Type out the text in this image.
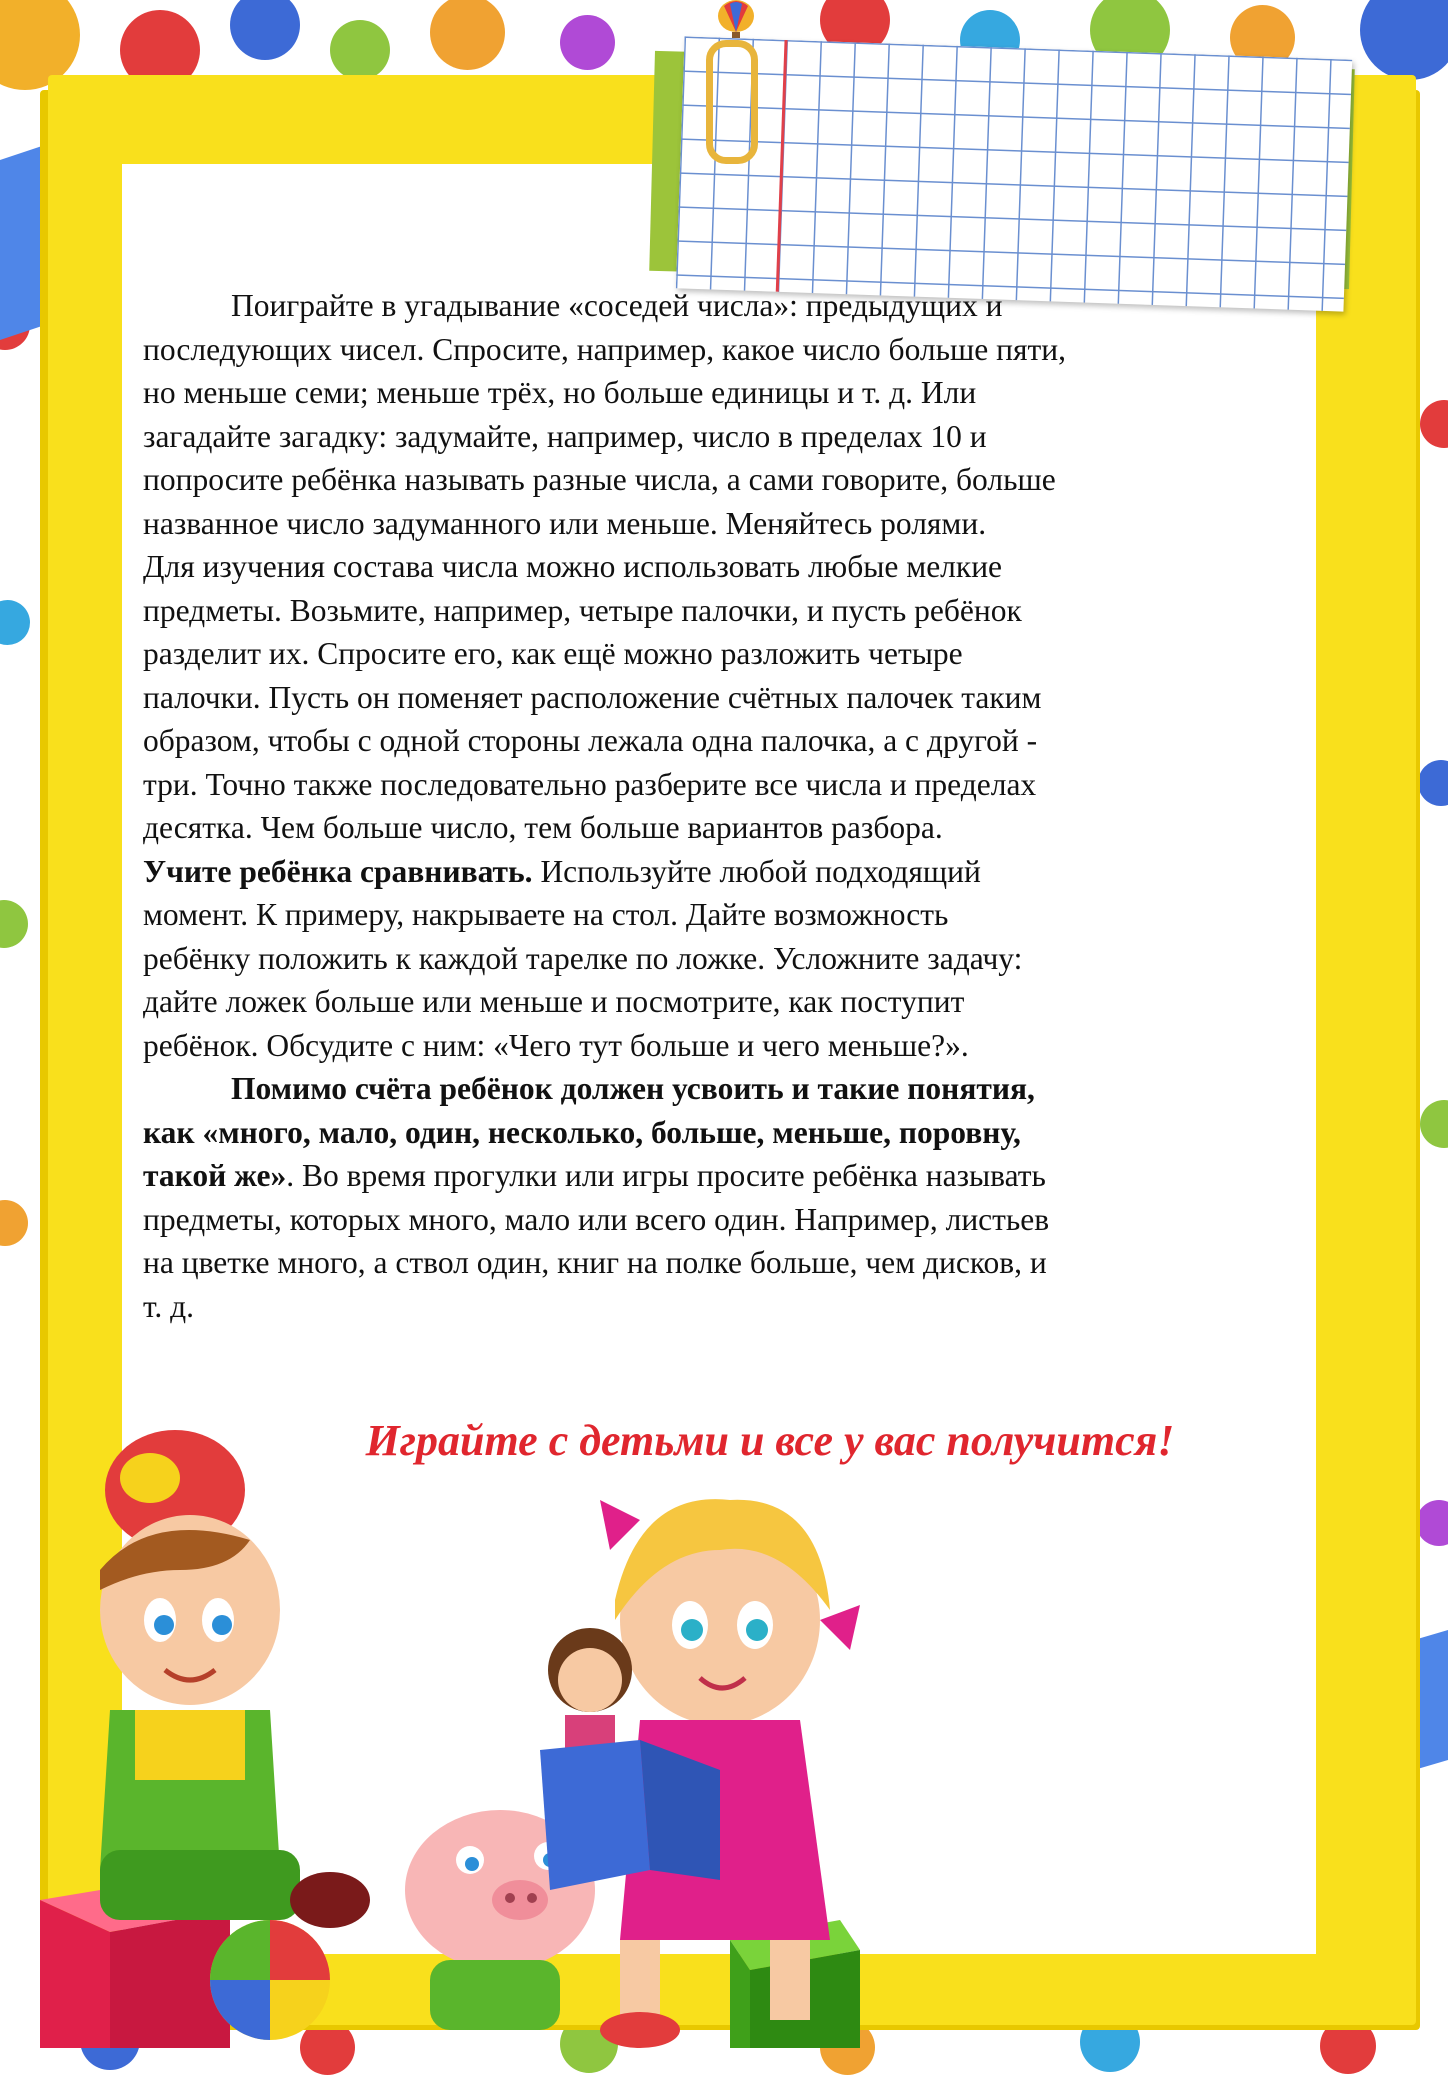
Поиграйте в угадывание «соседей числа»: предыдущих и
последующих чисел. Спросите, например, какое число больше пяти,
но меньше семи; меньше трёх, но больше единицы и т. д. Или
загадайте загадку: задумайте, например, число в пределах 10 и
попросите ребёнка называть разные числа, а сами говорите, больше
названное число задуманного или меньше. Меняйтесь ролями.

Для изучения состава числа можно использовать любые мелкие
предметы. Возьмите, например, четыре палочки, и пусть ребёнок
разделит их. Спросите его, как ещё можно разложить четыре
палочки. Пусть он поменяет расположение счётных палочек таким
образом, чтобы с одной стороны лежала одна палочка, а с другой -
три. Точно также последовательно разберите все числа и пределах
десятка. Чем больше число, тем больше вариантов разбора.

Учите ребёнка сравнивать. Используйте любой подходящий
момент. К примеру, накрываете на стол. Дайте возможность
ребёнку положить к каждой тарелке по ложке. Усложните задачу:
дайте ложек больше или меньше и посмотрите, как поступит
ребёнок. Обсудите с ним: «Чего тут больше и чего меньше?».

Помимо счёта ребёнок должен усвоить и такие понятия,
как «много, мало, один, несколько, больше, меньше, поровну,
такой же». Во время прогулки или игры просите ребёнка называть
предметы, которых много, мало или всего один. Например, листьев
на цветке много, а ствол один, книг на полке больше, чем дисков, и
т. д.

Играйте с детьми и все у вас получится!
